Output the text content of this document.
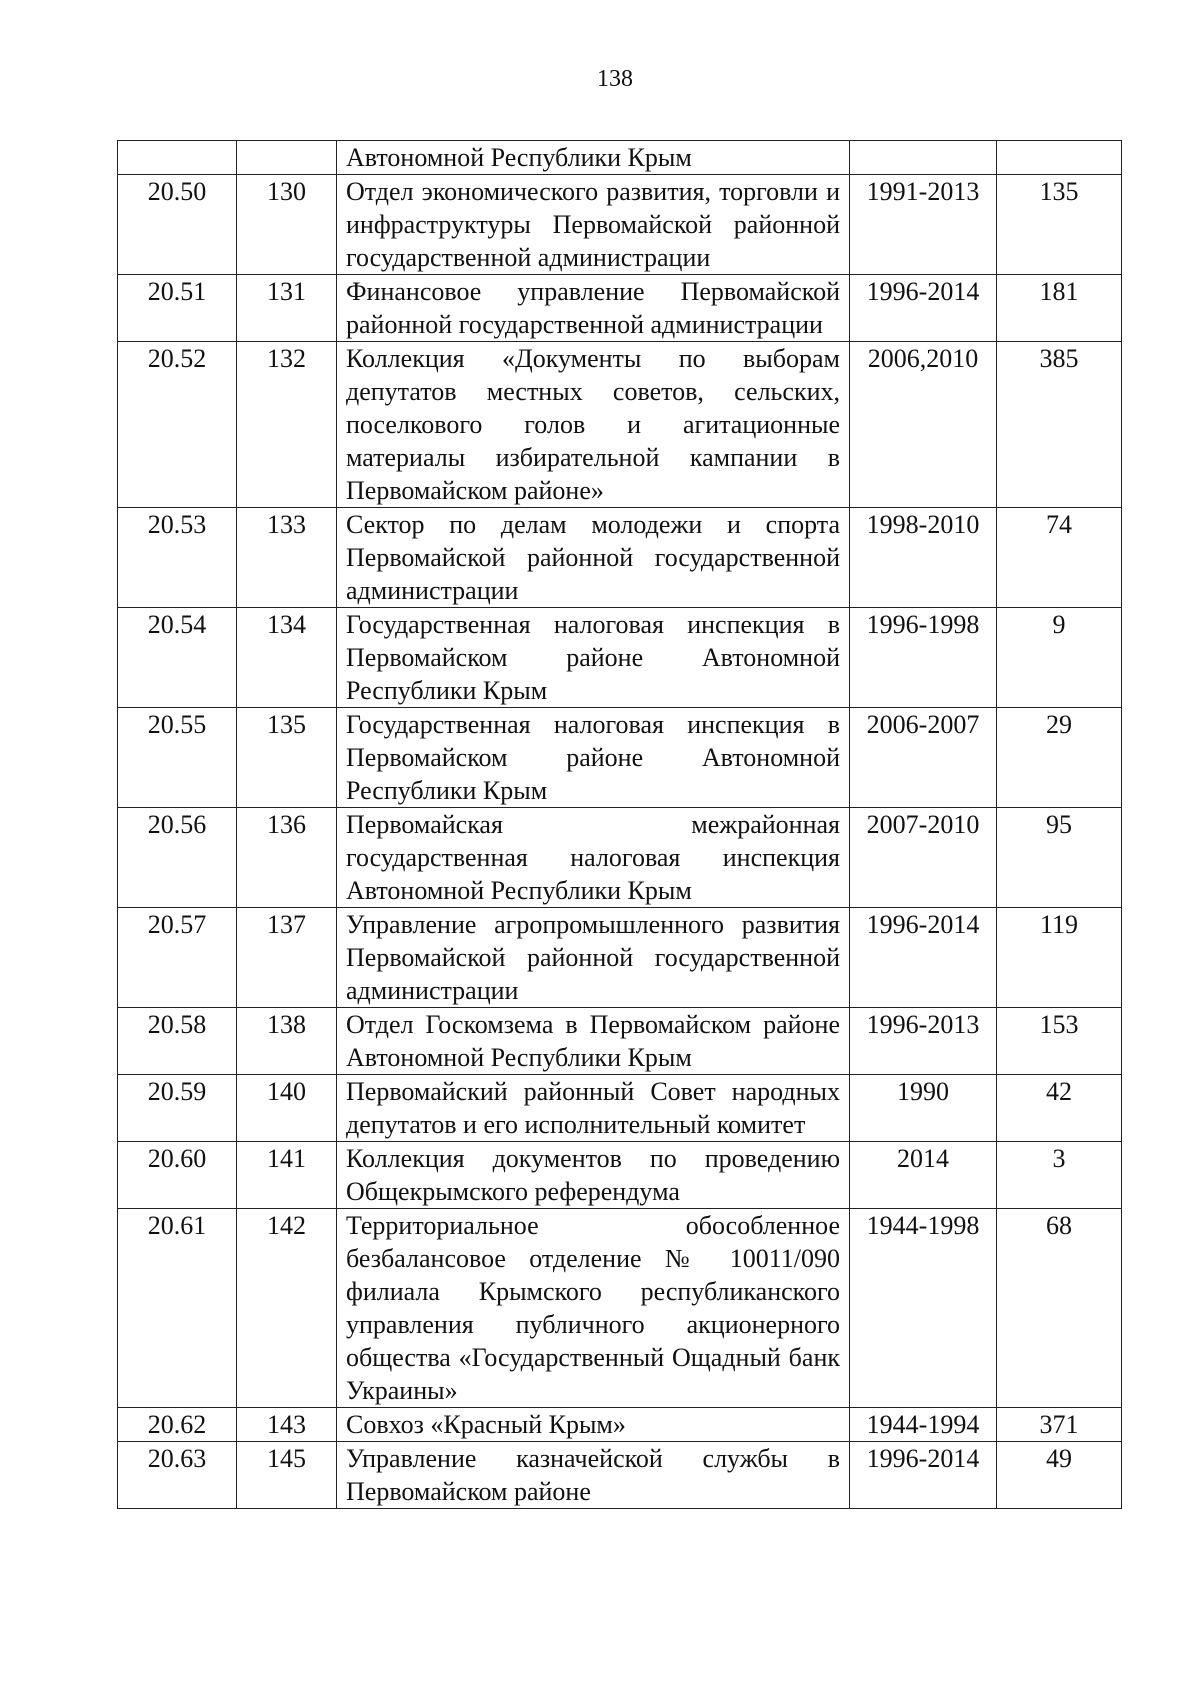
138
		Автономной Республики Крым		
20.50	130	Отдел экономического развития, торговли и инфраструктуры Первомайской районной государственной администрации	1991-2013	135
20.51	131	Финансовое управление Первомайской районной государственной администрации	1996-2014	181
20.52	132	Коллекция «Документы по выборам депутатов местных советов, сельских, поселкового голов и агитационные материалы избирательной кампании в Первомайском районе»	2006,2010	385
20.53	133	Сектор по делам молодежи и спорта Первомайской районной государственной администрации	1998-2010	74
20.54	134	Государственная налоговая инспекция в Первомайском районе Автономной Республики Крым	1996-1998	9
20.55	135	Государственная налоговая инспекция в Первомайском районе Автономной Республики Крым	2006-2007	29
20.56	136	Первомайская межрайонная государственная налоговая инспекция Автономной Республики Крым	2007-2010	95
20.57	137	Управление агропромышленного развития Первомайской районной государственной администрации	1996-2014	119
20.58	138	Отдел Госкомзема в Первомайском районе Автономной Республики Крым	1996-2013	153
20.59	140	Первомайский районный Совет народных депутатов и его исполнительный комитет	1990	42
20.60	141	Коллекция документов по проведению Общекрымского референдума	2014	3
20.61	142	Территориальное обособленное безбалансовое отделение № 10011/090 филиала Крымского республиканского управления публичного акционерного общества «Государственный Ощадный банк Украины»	1944-1998	68
20.62	143	Совхоз «Красный Крым»	1944-1994	371
20.63	145	Управление казначейской службы в Первомайском районе	1996-2014	49
